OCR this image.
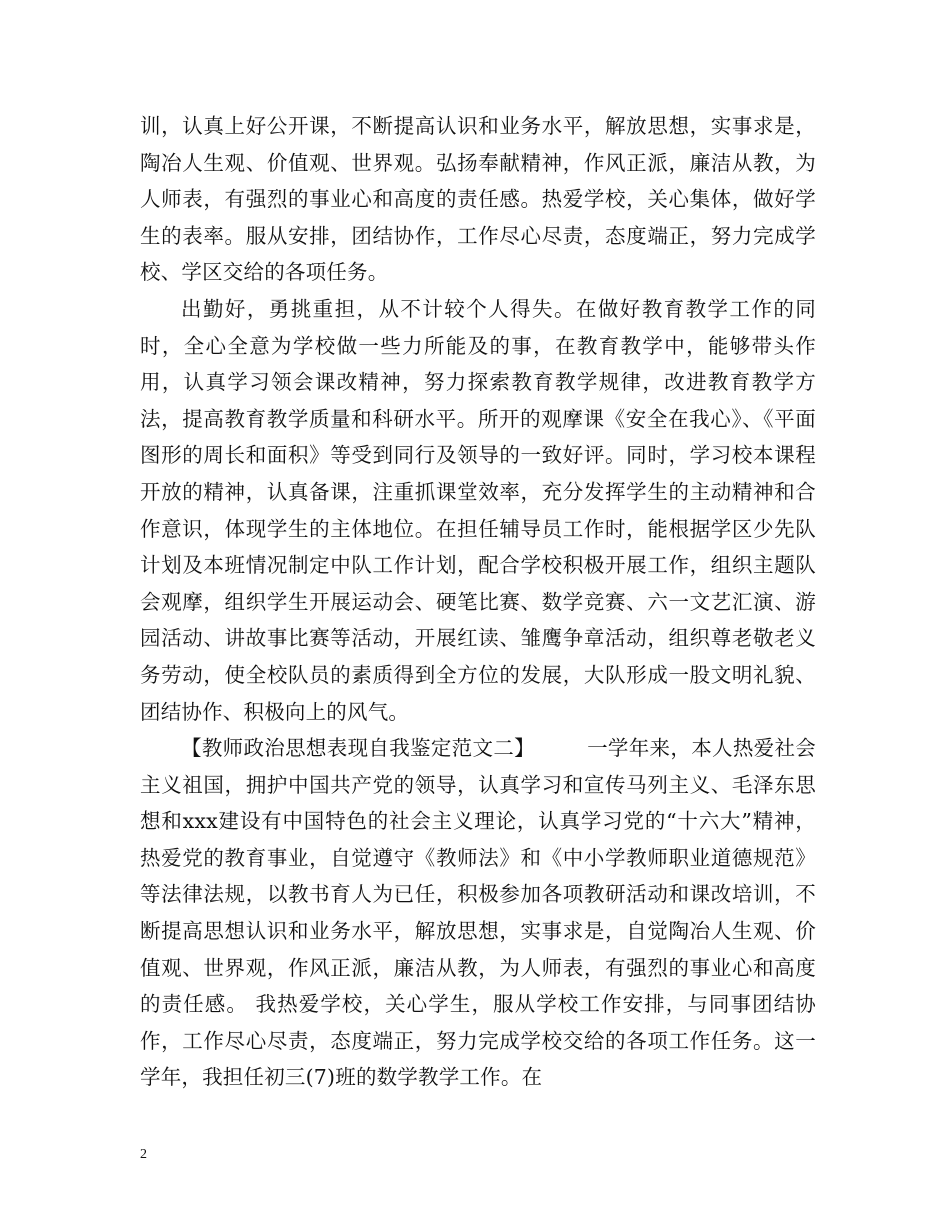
训，认真上好公开课，不断提高认识和业务水平，解放思想，实事求是，陶冶人生观、价值观、世界观。弘扬奉献精神，作风正派，廉洁从教，为人师表，有强烈的事业心和高度的责任感。热爱学校，关心集体，做好学生的表率。服从安排，团结协作，工作尽心尽责，态度端正，努力完成学校、学区交给的各项任务。

出勤好，勇挑重担，从不计较个人得失。在做好教育教学工作的同时，全心全意为学校做一些力所能及的事，在教育教学中，能够带头作用，认真学习领会课改精神，努力探索教育教学规律，改进教育教学方法，提高教育教学质量和科研水平。所开的观摩课《安全在我心》、《平面图形的周长和面积》等受到同行及领导的一致好评。同时，学习校本课程开放的精神，认真备课，注重抓课堂效率，充分发挥学生的主动精神和合作意识，体现学生的主体地位。在担任辅导员工作时，能根据学区少先队计划及本班情况制定中队工作计划，配合学校积极开展工作，组织主题队会观摩，组织学生开展运动会、硬笔比赛、数学竞赛、六一文艺汇演、游园活动、讲故事比赛等活动，开展红读、雏鹰争章活动，组织尊老敬老义务劳动，使全校队员的素质得到全方位的发展，大队形成一股文明礼貌、团结协作、积极向上的风气。

【教师政治思想表现自我鉴定范文二】	一学年来，本人热爱社会主义祖国，拥护中国共产党的领导，认真学习和宣传马列主义、毛泽东思想和xxx建设有中国特色的社会主义理论，认真学习党的“十六大”精神，热爱党的教育事业，自觉遵守《教师法》和《中小学教师职业道德规范》等法律法规，以教书育人为已任，积极参加各项教研活动和课改培训，不断提高思想认识和业务水平，解放思想，实事求是，自觉陶冶人生观、价值观、世界观，作风正派，廉洁从教，为人师表，有强烈的事业心和高度的责任感。 我热爱学校，关心学生，服从学校工作安排，与同事团结协作，工作尽心尽责，态度端正，努力完成学校交给的各项工作任务。这一学年，我担任初三(7)班的数学教学工作。在

2
